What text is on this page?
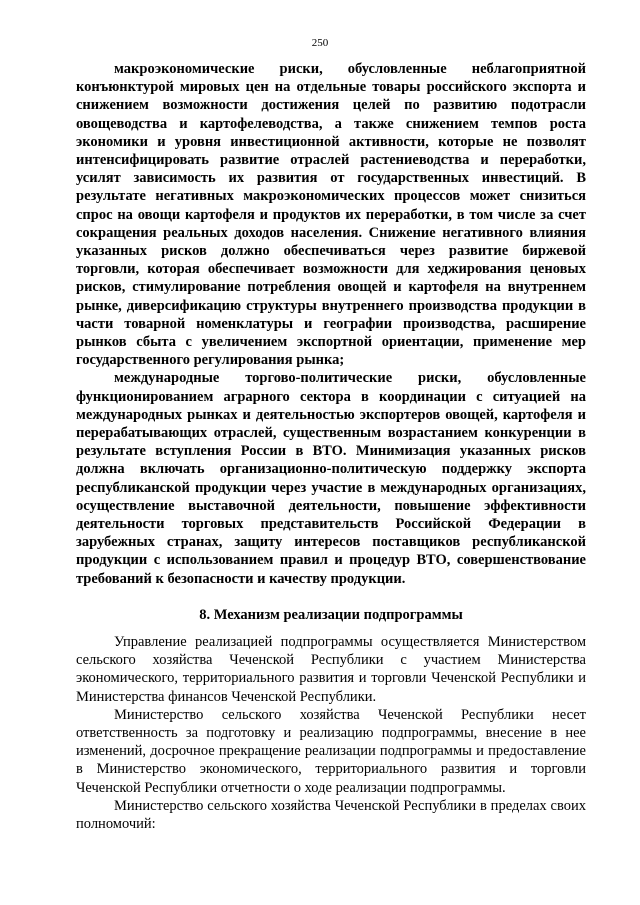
250

макроэкономические риски, обусловленные неблагоприятной конъюнктурой мировых цен на отдельные товары российского экспорта и снижением возможности достижения целей по развитию подотрасли овощеводства и картофелеводства, а также снижением темпов роста экономики и уровня инвестиционной активности, которые не позволят интенсифицировать развитие отраслей растениеводства и переработки, усилят зависимость их развития от государственных инвестиций. В результате негативных макроэкономических процессов может снизиться спрос на овощи картофеля и продуктов их переработки, в том числе за счет сокращения реальных доходов населения. Снижение негативного влияния указанных рисков должно обеспечиваться через развитие биржевой торговли, которая обеспечивает возможности для хеджирования ценовых рисков, стимулирование потребления овощей и картофеля на внутреннем рынке, диверсификацию структуры внутреннего производства продукции в части товарной номенклатуры и географии производства, расширение рынков сбыта с увеличением экспортной ориентации, применение мер государственного регулирования рынка;

международные торгово-политические риски, обусловленные функционированием аграрного сектора в координации с ситуацией на международных рынках и деятельностью экспортеров овощей, картофеля и перерабатывающих отраслей, существенным возрастанием конкуренции в результате вступления России в ВТО. Минимизация указанных рисков должна включать организационно-политическую поддержку экспорта республиканской продукции через участие в международных организациях, осуществление выставочной деятельности, повышение эффективности деятельности торговых представительств Российской Федерации в зарубежных странах, защиту интересов поставщиков республиканской продукции с использованием правил и процедур ВТО, совершенствование требований к безопасности и качеству продукции.

8. Механизм реализации подпрограммы

Управление реализацией подпрограммы осуществляется Министерством сельского хозяйства Чеченской Республики с участием Министерства экономического, территориального развития и торговли Чеченской Республики и Министерства финансов Чеченской Республики.

Министерство сельского хозяйства Чеченской Республики несет ответственность за подготовку и реализацию подпрограммы, внесение в нее изменений, досрочное прекращение реализации подпрограммы и предоставление в Министерство экономического, территориального развития и торговли Чеченской Республики отчетности о ходе реализации подпрограммы.

Министерство сельского хозяйства Чеченской Республики в пределах своих полномочий:
